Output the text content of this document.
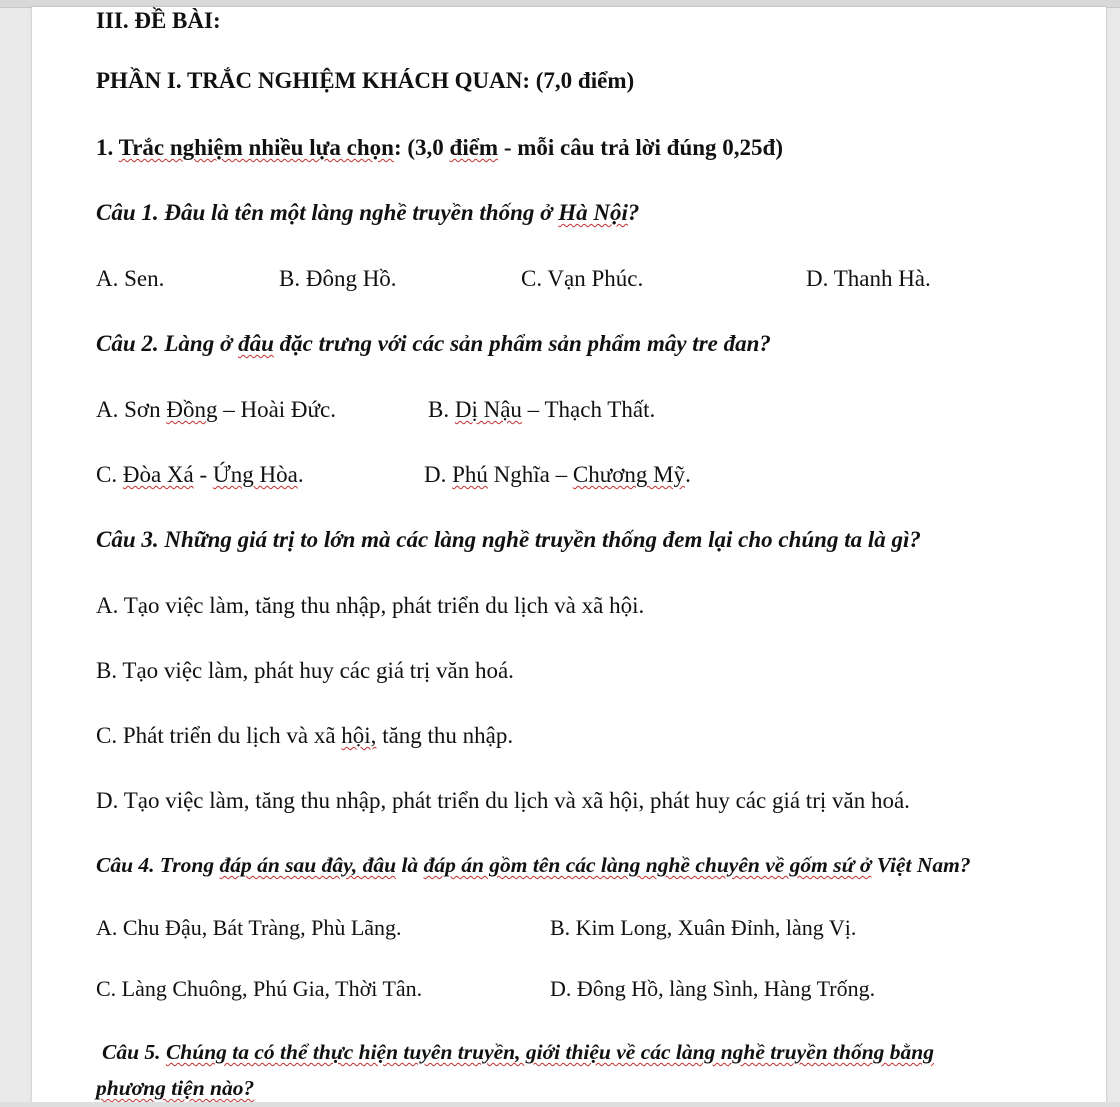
III. ĐỀ BÀI:
PHẦN I. TRẮC NGHIỆM KHÁCH QUAN: (7,0 điểm)
1. Trắc nghiệm nhiều lựa chọn: (3,0 điểm - mỗi câu trả lời đúng 0,25đ)
Câu 1. Đâu là tên một làng nghề truyền thống ở Hà Nội?
A. Sen.	B. Đông Hồ.	C. Vạn Phúc.	D. Thanh Hà.
Câu 2. Làng ở đâu đặc trưng với các sản phẩm sản phẩm mây tre đan?
A. Sơn Đồng – Hoài Đức.	B. Dị Nậu – Thạch Thất.
C. Đòa Xá - Ứng Hòa.	D. Phú Nghĩa – Chương Mỹ.
Câu 3. Những giá trị to lớn mà các làng nghề truyền thống đem lại cho chúng ta là gì?
A. Tạo việc làm, tăng thu nhập, phát triển du lịch và xã hội.
B. Tạo việc làm, phát huy các giá trị văn hoá.
C. Phát triển du lịch và xã hội, tăng thu nhập.
D. Tạo việc làm, tăng thu nhập, phát triển du lịch và xã hội, phát huy các giá trị văn hoá.
Câu 4. Trong đáp án sau đây, đâu là đáp án gồm tên các làng nghề chuyên về gốm sứ ở Việt Nam?
A. Chu Đậu, Bát Tràng, Phù Lãng.	B. Kim Long, Xuân Đỉnh, làng Vị.
C. Làng Chuông, Phú Gia, Thời Tân.	D. Đông Hồ, làng Sình, Hàng Trống.
Câu 5. Chúng ta có thể thực hiện tuyên truyền, giới thiệu về các làng nghề truyền thống bằng
phương tiện nào?
